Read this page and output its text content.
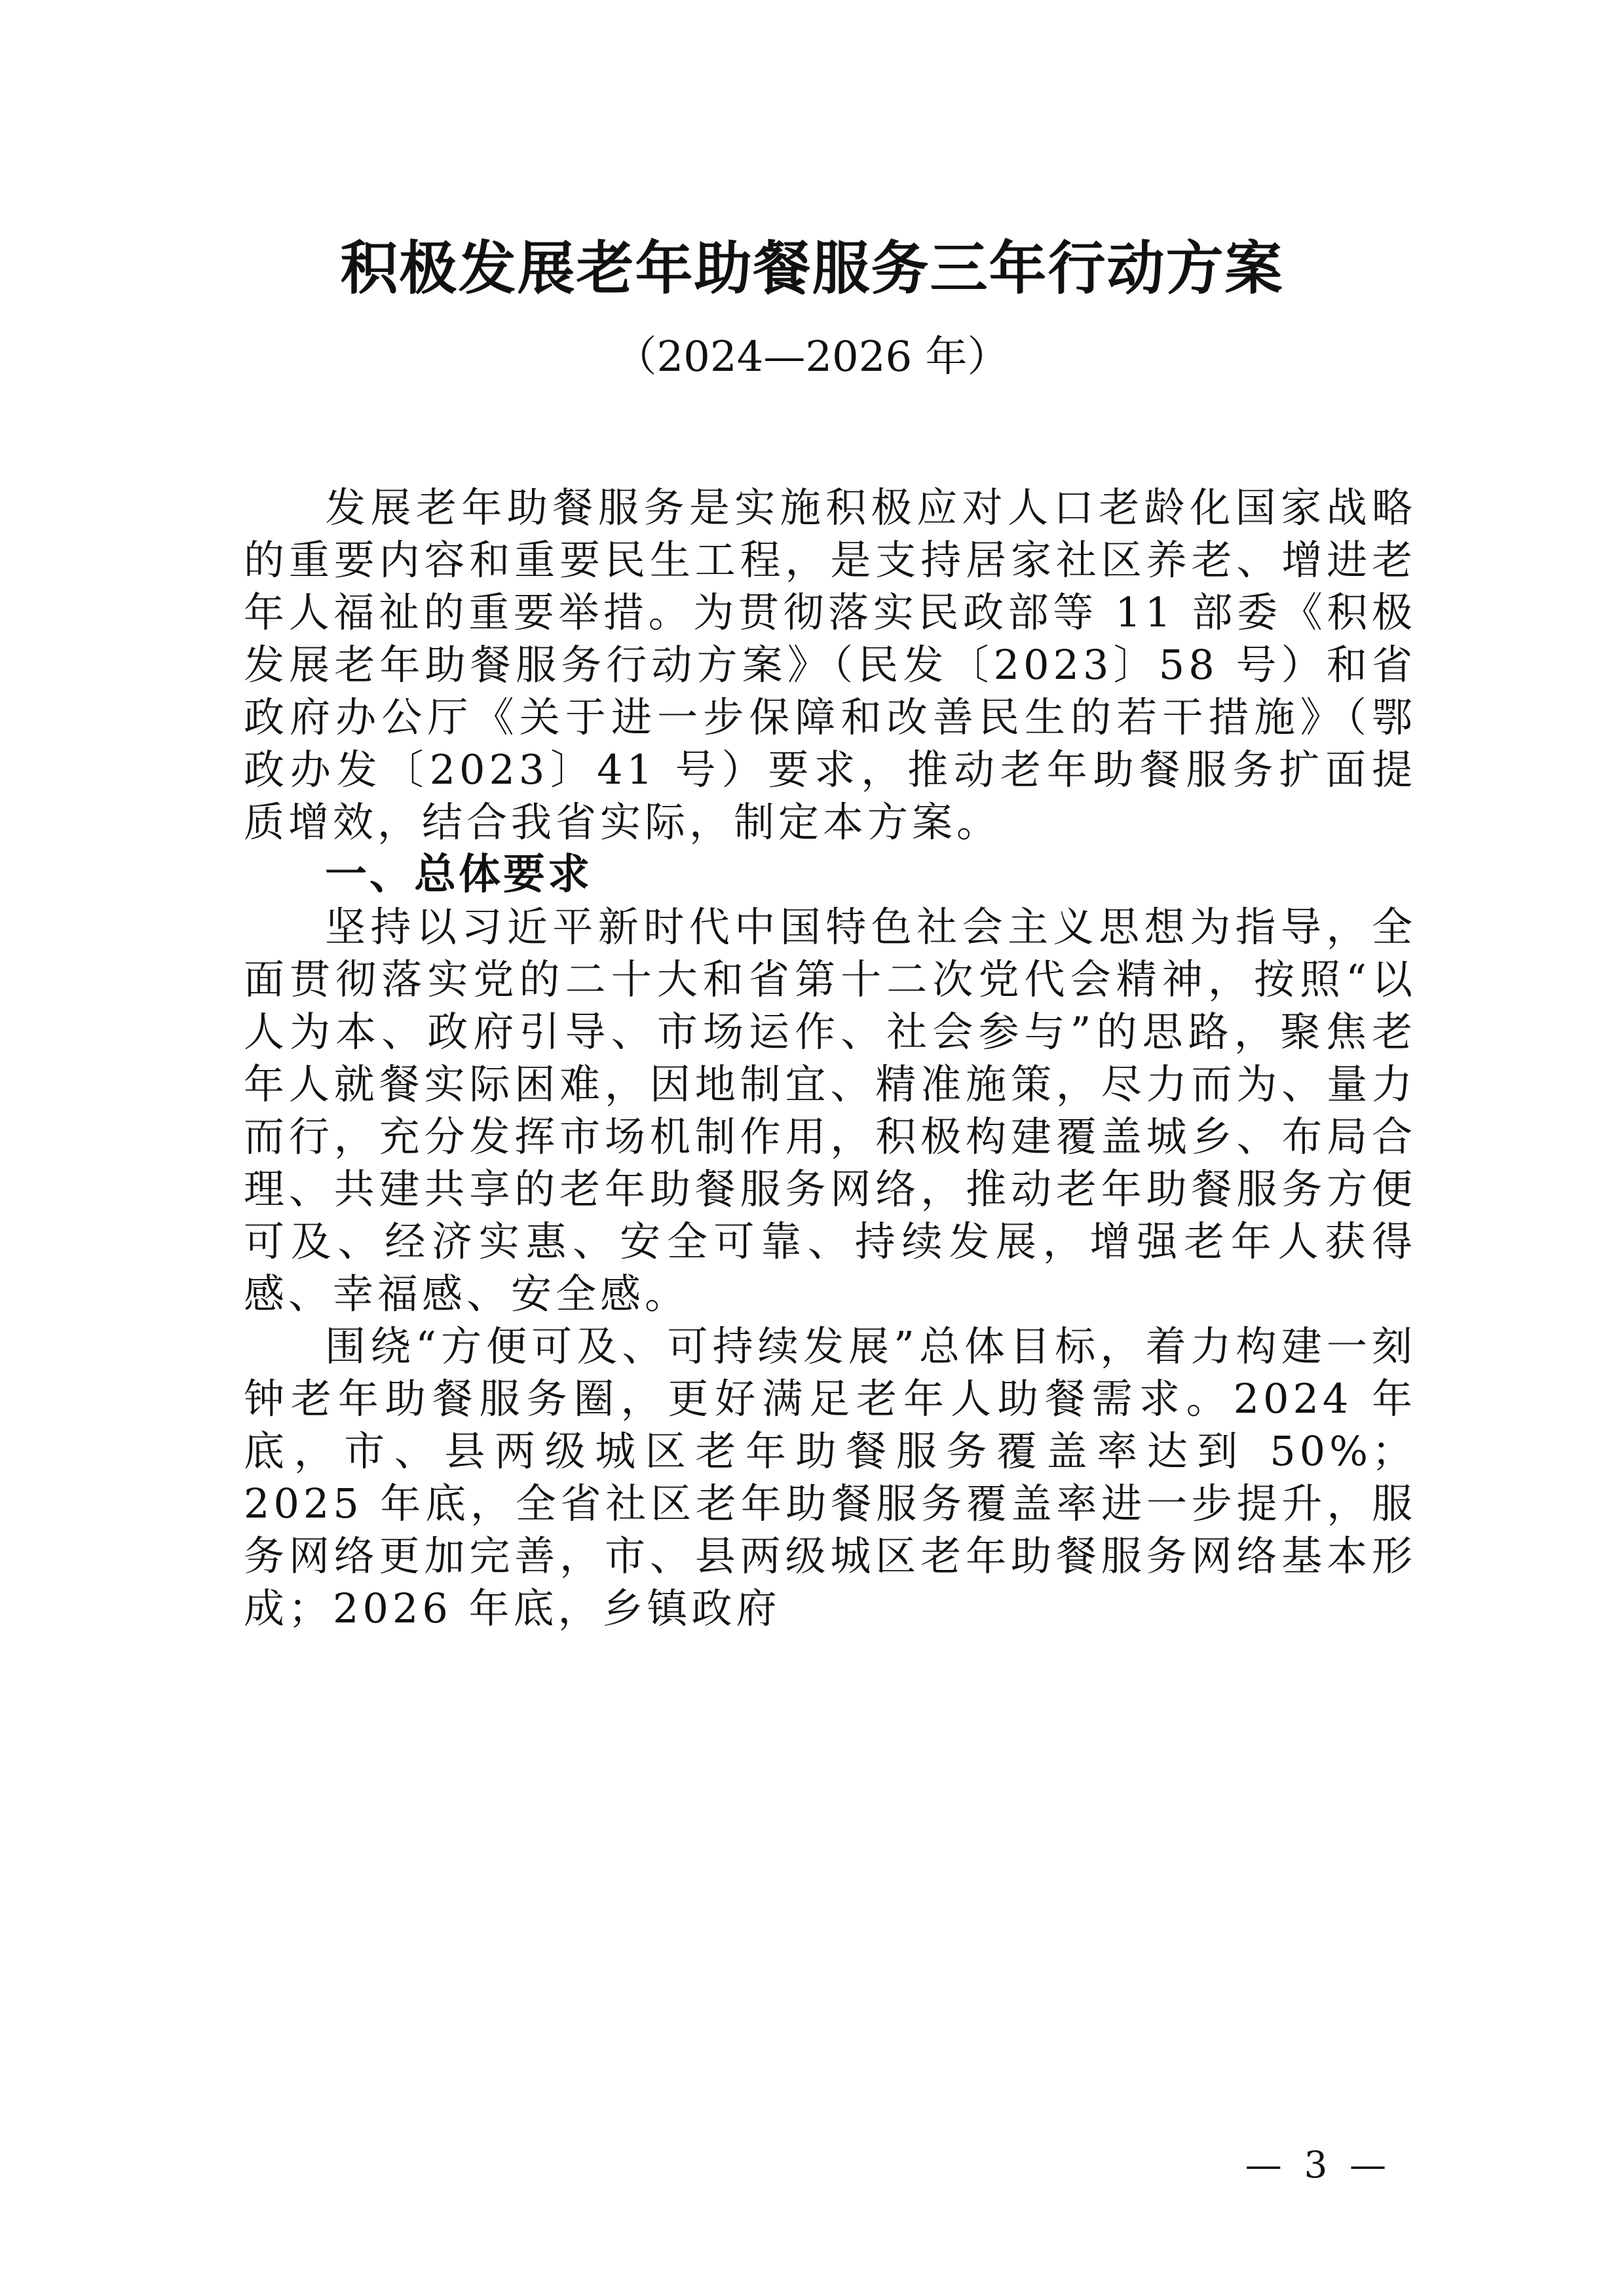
积极发展老年助餐服务三年行动方案

（2024—2026 年）

发展老年助餐服务是实施积极应对人口老龄化国家战略的重要内容和重要民生工程，是支持居家社区养老、增进老年人福祉的重要举措。为贯彻落实民政部等 11 部委《积极发展老年助餐服务行动方案》（民发〔2023〕58 号）和省政府办公厅《关于进一步保障和改善民生的若干措施》（鄂政办发〔2023〕41 号）要求，推动老年助餐服务扩面提质增效，结合我省实际，制定本方案。

一、总体要求

坚持以习近平新时代中国特色社会主义思想为指导，全面贯彻落实党的二十大和省第十二次党代会精神，按照“以人为本、政府引导、市场运作、社会参与”的思路，聚焦老年人就餐实际困难，因地制宜、精准施策，尽力而为、量力而行，充分发挥市场机制作用，积极构建覆盖城乡、布局合理、共建共享的老年助餐服务网络，推动老年助餐服务方便可及、经济实惠、安全可靠、持续发展，增强老年人获得感、幸福感、安全感。

围绕“方便可及、可持续发展”总体目标，着力构建一刻钟老年助餐服务圈，更好满足老年人助餐需求。2024 年底，市、县两级城区老年助餐服务覆盖率达到 50%；2025 年底，全省社区老年助餐服务覆盖率进一步提升，服务网络更加完善，市、县两级城区老年助餐服务网络基本形成；2026 年底，乡镇政府

— 3 —
